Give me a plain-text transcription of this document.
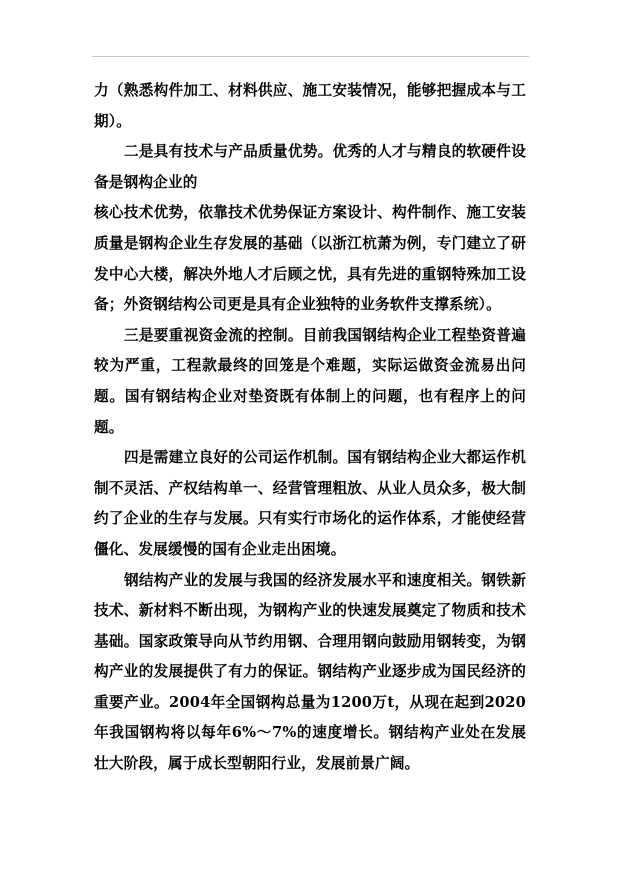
力（熟悉构件加工、材料供应、施工安装情况，能够把握成本与工期）。

二是具有技术与产品质量优势。优秀的人才与精良的软硬件设备是钢构企业的

核心技术优势，依靠技术优势保证方案设计、构件制作、施工安装质量是钢构企业生存发展的基础（以浙江杭萧为例，专门建立了研发中心大楼，解决外地人才后顾之忧，具有先进的重钢特殊加工设备；外资钢结构公司更是具有企业独特的业务软件支撑系统）。

三是要重视资金流的控制。目前我国钢结构企业工程垫资普遍较为严重，工程款最终的回笼是个难题，实际运做资金流易出问题。国有钢结构企业对垫资既有体制上的问题，也有程序上的问题。

四是需建立良好的公司运作机制。国有钢结构企业大都运作机制不灵活、产权结构单一、经营管理粗放、从业人员众多，极大制约了企业的生存与发展。只有实行市场化的运作体系，才能使经营僵化、发展缓慢的国有企业走出困境。

钢结构产业的发展与我国的经济发展水平和速度相关。钢铁新技术、新材料不断出现，为钢构产业的快速发展奠定了物质和技术基础。国家政策导向从节约用钢、合理用钢向鼓励用钢转变，为钢构产业的发展提供了有力的保证。钢结构产业逐步成为国民经济的重要产业。2004年全国钢构总量为1200万t，从现在起到2020年我国钢构将以每年6%～7%的速度增长。钢结构产业处在发展壮大阶段，属于成长型朝阳行业，发展前景广阔。
